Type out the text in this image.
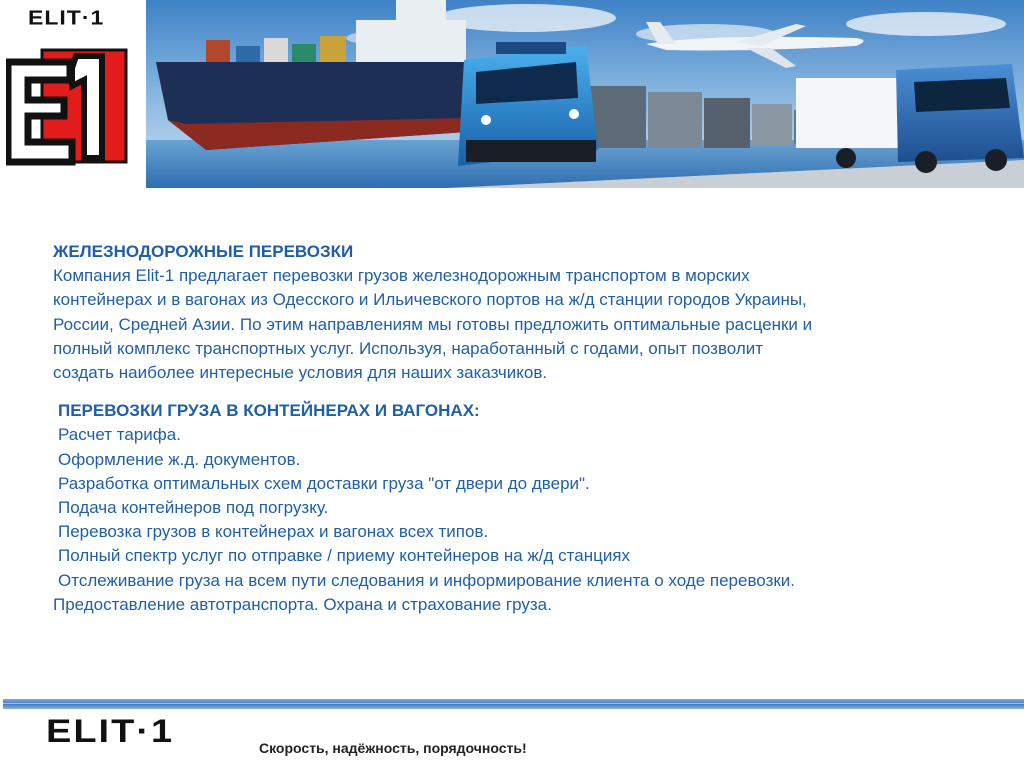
ELIT·1

ЖЕЛЕЗНОДОРОЖНЫЕ ПЕРЕВОЗКИ

Компания Elit-1 предлагает перевозки грузов железнодорожным транспортом в морских

контейнерах и в вагонах из Одесского и Ильичевского портов на ж/д станции городов Украины,

России, Средней Азии. По этим направлениям мы готовы предложить оптимальные расценки и

полный комплекс транспортных услуг. Используя, наработанный с годами, опыт позволит

создать наиболее интересные условия для наших заказчиков.

ПЕРЕВОЗКИ ГРУЗА В КОНТЕЙНЕРАХ И ВАГОНАХ:

Расчет тарифа.

Оформление ж.д. документов.

Разработка оптимальных схем доставки груза "от двери до двери".

Подача контейнеров под погрузку.

Перевозка грузов в контейнерах и вагонах всех типов.

Полный спектр услуг по отправке / приему контейнеров на ж/д станциях

Отслеживание груза на всем пути следования и информирование клиента о ходе перевозки.

Предоставление автотранспорта. Охрана и страхование груза.

ELIT·1	Скорость, надёжность, порядочность!
